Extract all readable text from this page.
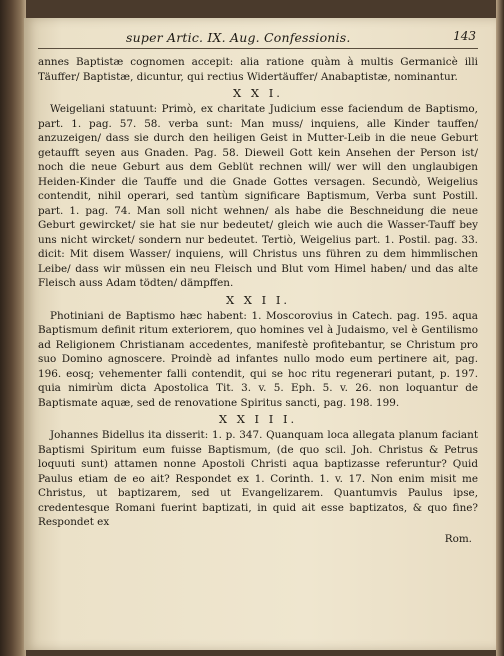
super Artic. IX. Aug. Confessionis.	143

annes Baptistæ cognomen accepit: alia ratione quàm à multis Germanicè illi Täuffer/ Baptistæ, dicuntur, qui rectius Widertäuffer/ Anabaptistæ, nominantur.

X X I.

Weigeliani statuunt: Primò, ex charitate Judicium esse faciendum de Baptismo, part. 1. pag. 57. 58. verba sunt: Man muss/ inquiens, alle Kinder tauffen/ anzuzeigen/ dass sie durch den heiligen Geist in Mutter-Leib in die neue Geburt getaufft seyen aus Gnaden. Pag. 58. Dieweil Gott kein Ansehen der Person ist/ noch die neue Geburt aus dem Geblüt rechnen will/ wer will den unglaubigen Heiden-Kinder die Tauffe und die Gnade Gottes versagen. Secundò, Weigelius contendit, nihil operari, sed tantùm significare Baptismum, Verba sunt Postill. part. 1. pag. 74. Man soll nicht wehnen/ als habe die Beschneidung die neue Geburt gewircket/ sie hat sie nur bedeutet/ gleich wie auch die Wasser-Tauff bey uns nicht wircket/ sondern nur bedeutet. Tertiò, Weigelius part. 1. Postil. pag. 33. dicit: Mit disem Wasser/ inquiens, will Christus uns führen zu dem himmlischen Leibe/ dass wir müssen ein neu Fleisch und Blut vom Himel haben/ und das alte Fleisch auss Adam tödten/ dämpffen.

X X I I.

Photiniani de Baptismo hæc habent: 1. Moscorovius in Catech. pag. 195. aqua Baptismum definit ritum exteriorem, quo homines vel à Judaismo, vel è Gentilismo ad Religionem Christianam accedentes, manifestè profitebantur, se Christum pro suo Domino agnoscere. Proindè ad infantes nullo modo eum pertinere ait, pag. 196. eosq; vehementer falli contendit, qui se hoc ritu regenerari putant, p. 197. quia nimirùm dicta Apostolica Tit. 3. v. 5. Eph. 5. v. 26. non loquantur de Baptismate aquæ, sed de renovatione Spiritus sancti, pag. 198. 199.

X X I I I.

Johannes Bidellus ita disserit: 1. p. 347. Quanquam loca allegata planum faciant Baptismi Spiritum eum fuisse Baptismum, (de quo scil. Joh. Christus & Petrus loquuti sunt) attamen nonne Apostoli Christi aqua baptizasse referuntur? Quid Paulus etiam de eo ait? Respondet ex 1. Corinth. 1. v. 17. Non enim misit me Christus, ut baptizarem, sed ut Evangelizarem. Quantumvis Paulus ipse, credentesque Romani fuerint baptizati, in quid ait esse baptizatos, & quo fine? Respondet ex

Rom.
